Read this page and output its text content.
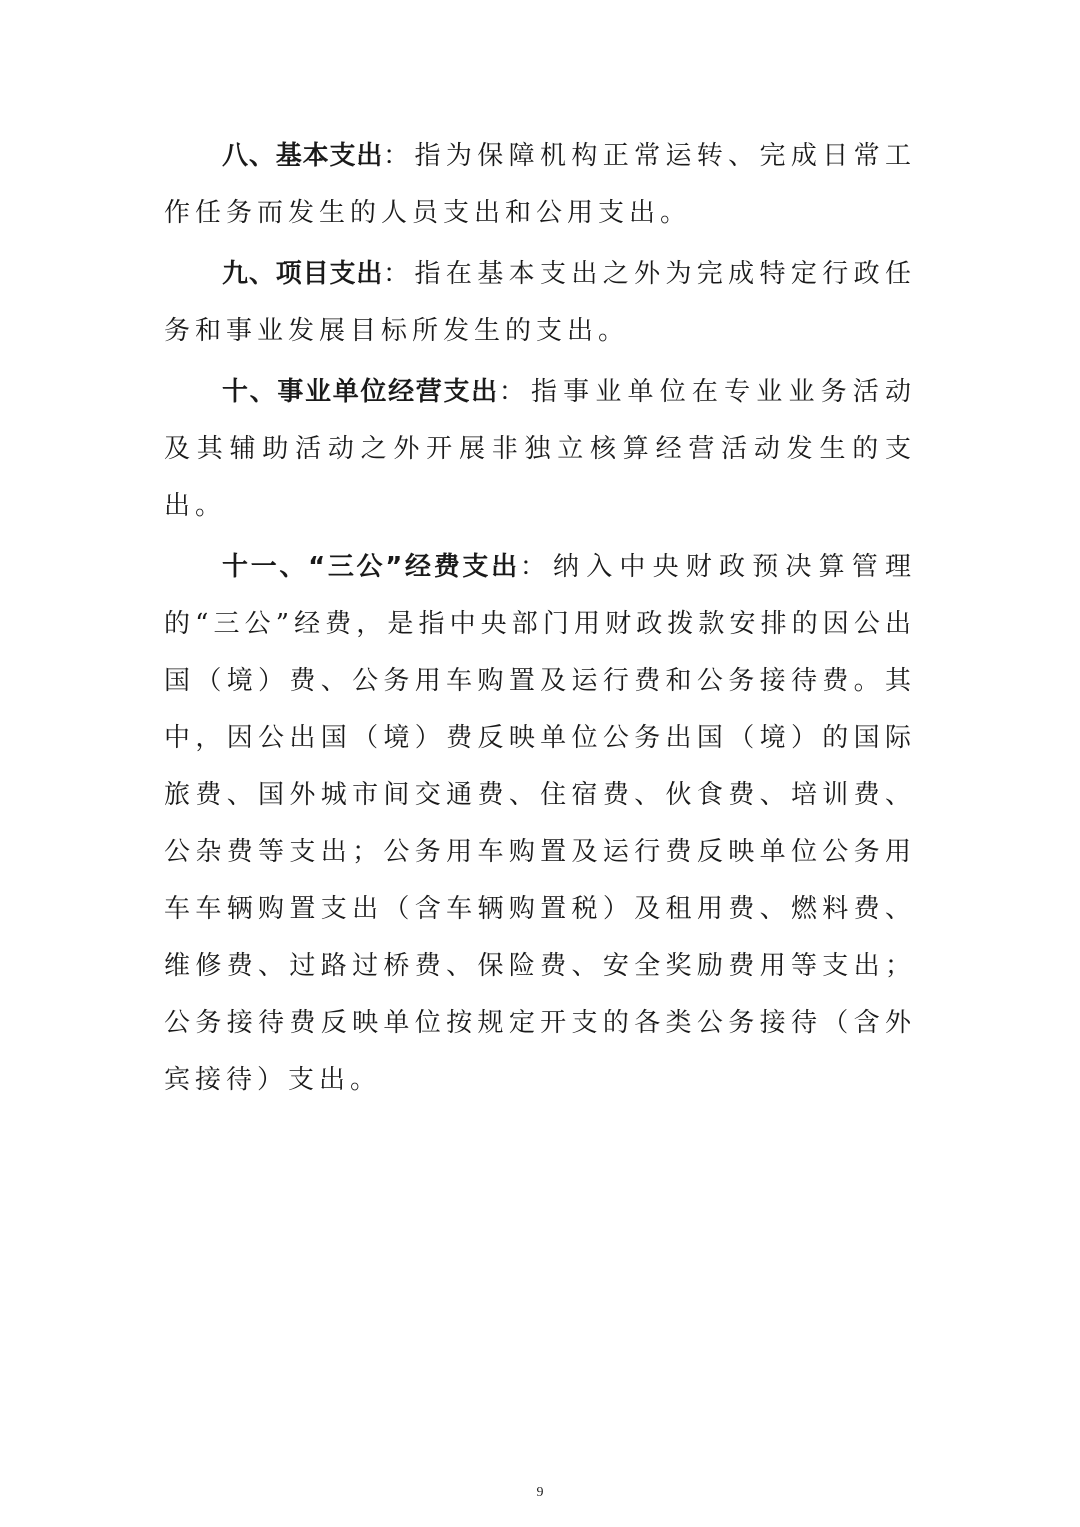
八、基本支出：指为保障机构正常运转、完成日常工作任务而发生的人员支出和公用支出。

九、项目支出：指在基本支出之外为完成特定行政任务和事业发展目标所发生的支出。

十、事业单位经营支出：指事业单位在专业业务活动及其辅助活动之外开展非独立核算经营活动发生的支出。

十一、“三公”经费支出：纳入中央财政预决算管理的“三公”经费，是指中央部门用财政拨款安排的因公出国（境）费、公务用车购置及运行费和公务接待费。其中，因公出国（境）费反映单位公务出国（境）的国际旅费、国外城市间交通费、住宿费、伙食费、培训费、公杂费等支出；公务用车购置及运行费反映单位公务用车车辆购置支出（含车辆购置税）及租用费、燃料费、维修费、过路过桥费、保险费、安全奖励费用等支出；公务接待费反映单位按规定开支的各类公务接待（含外宾接待）支出。

9
